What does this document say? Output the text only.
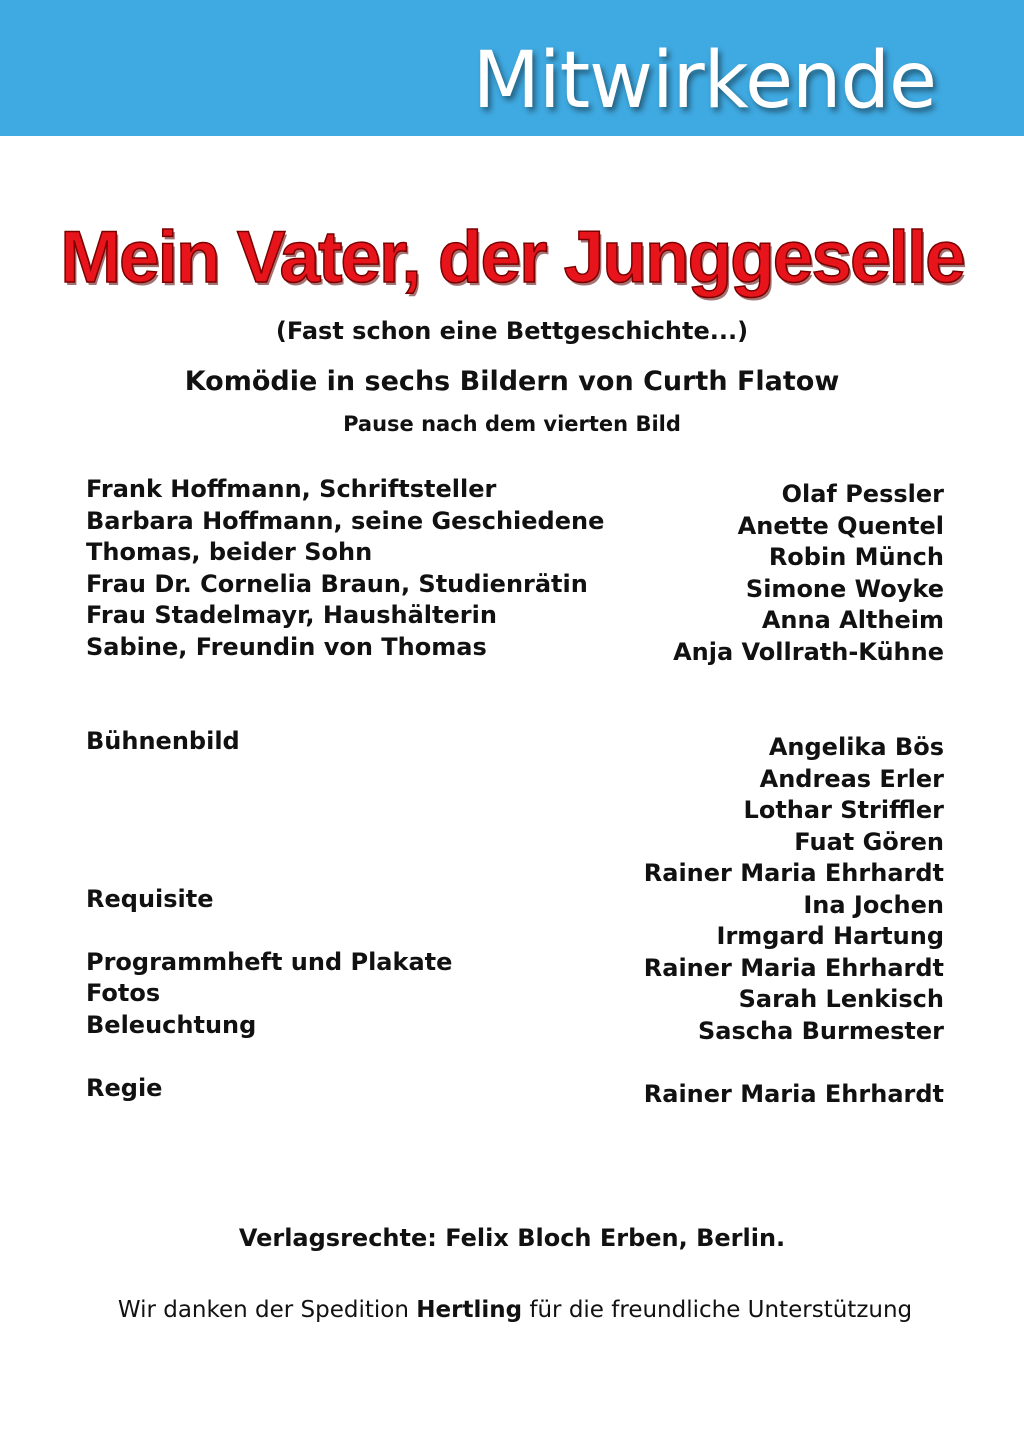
Mitwirkende
Mein Vater, der Junggeselle
(Fast schon eine Bettgeschichte...)
Komödie in sechs Bildern von Curth Flatow
Pause nach dem vierten Bild
Frank Hoffmann, Schriftsteller
Barbara Hoffmann, seine Geschiedene
Thomas, beider Sohn
Frau Dr. Cornelia Braun, Studienrätin
Frau Stadelmayr, Haushälterin
Sabine, Freundin von Thomas
Olaf Pessler
Anette Quentel
Robin Münch
Simone Woyke
Anna Altheim
Anja Vollrath-Kühne
Bühnenbild
Requisite
Programmheft und Plakate
Fotos
Beleuchtung
Regie
Angelika Bös
Andreas Erler
Lothar Striffler
Fuat Gören
Rainer Maria Ehrhardt
Ina Jochen
Irmgard Hartung
Rainer Maria Ehrhardt
Sarah Lenkisch
Sascha Burmester
Rainer Maria Ehrhardt
Verlagsrechte: Felix Bloch Erben, Berlin.
Wir danken der Spedition Hertling für die freundliche Unterstützung
